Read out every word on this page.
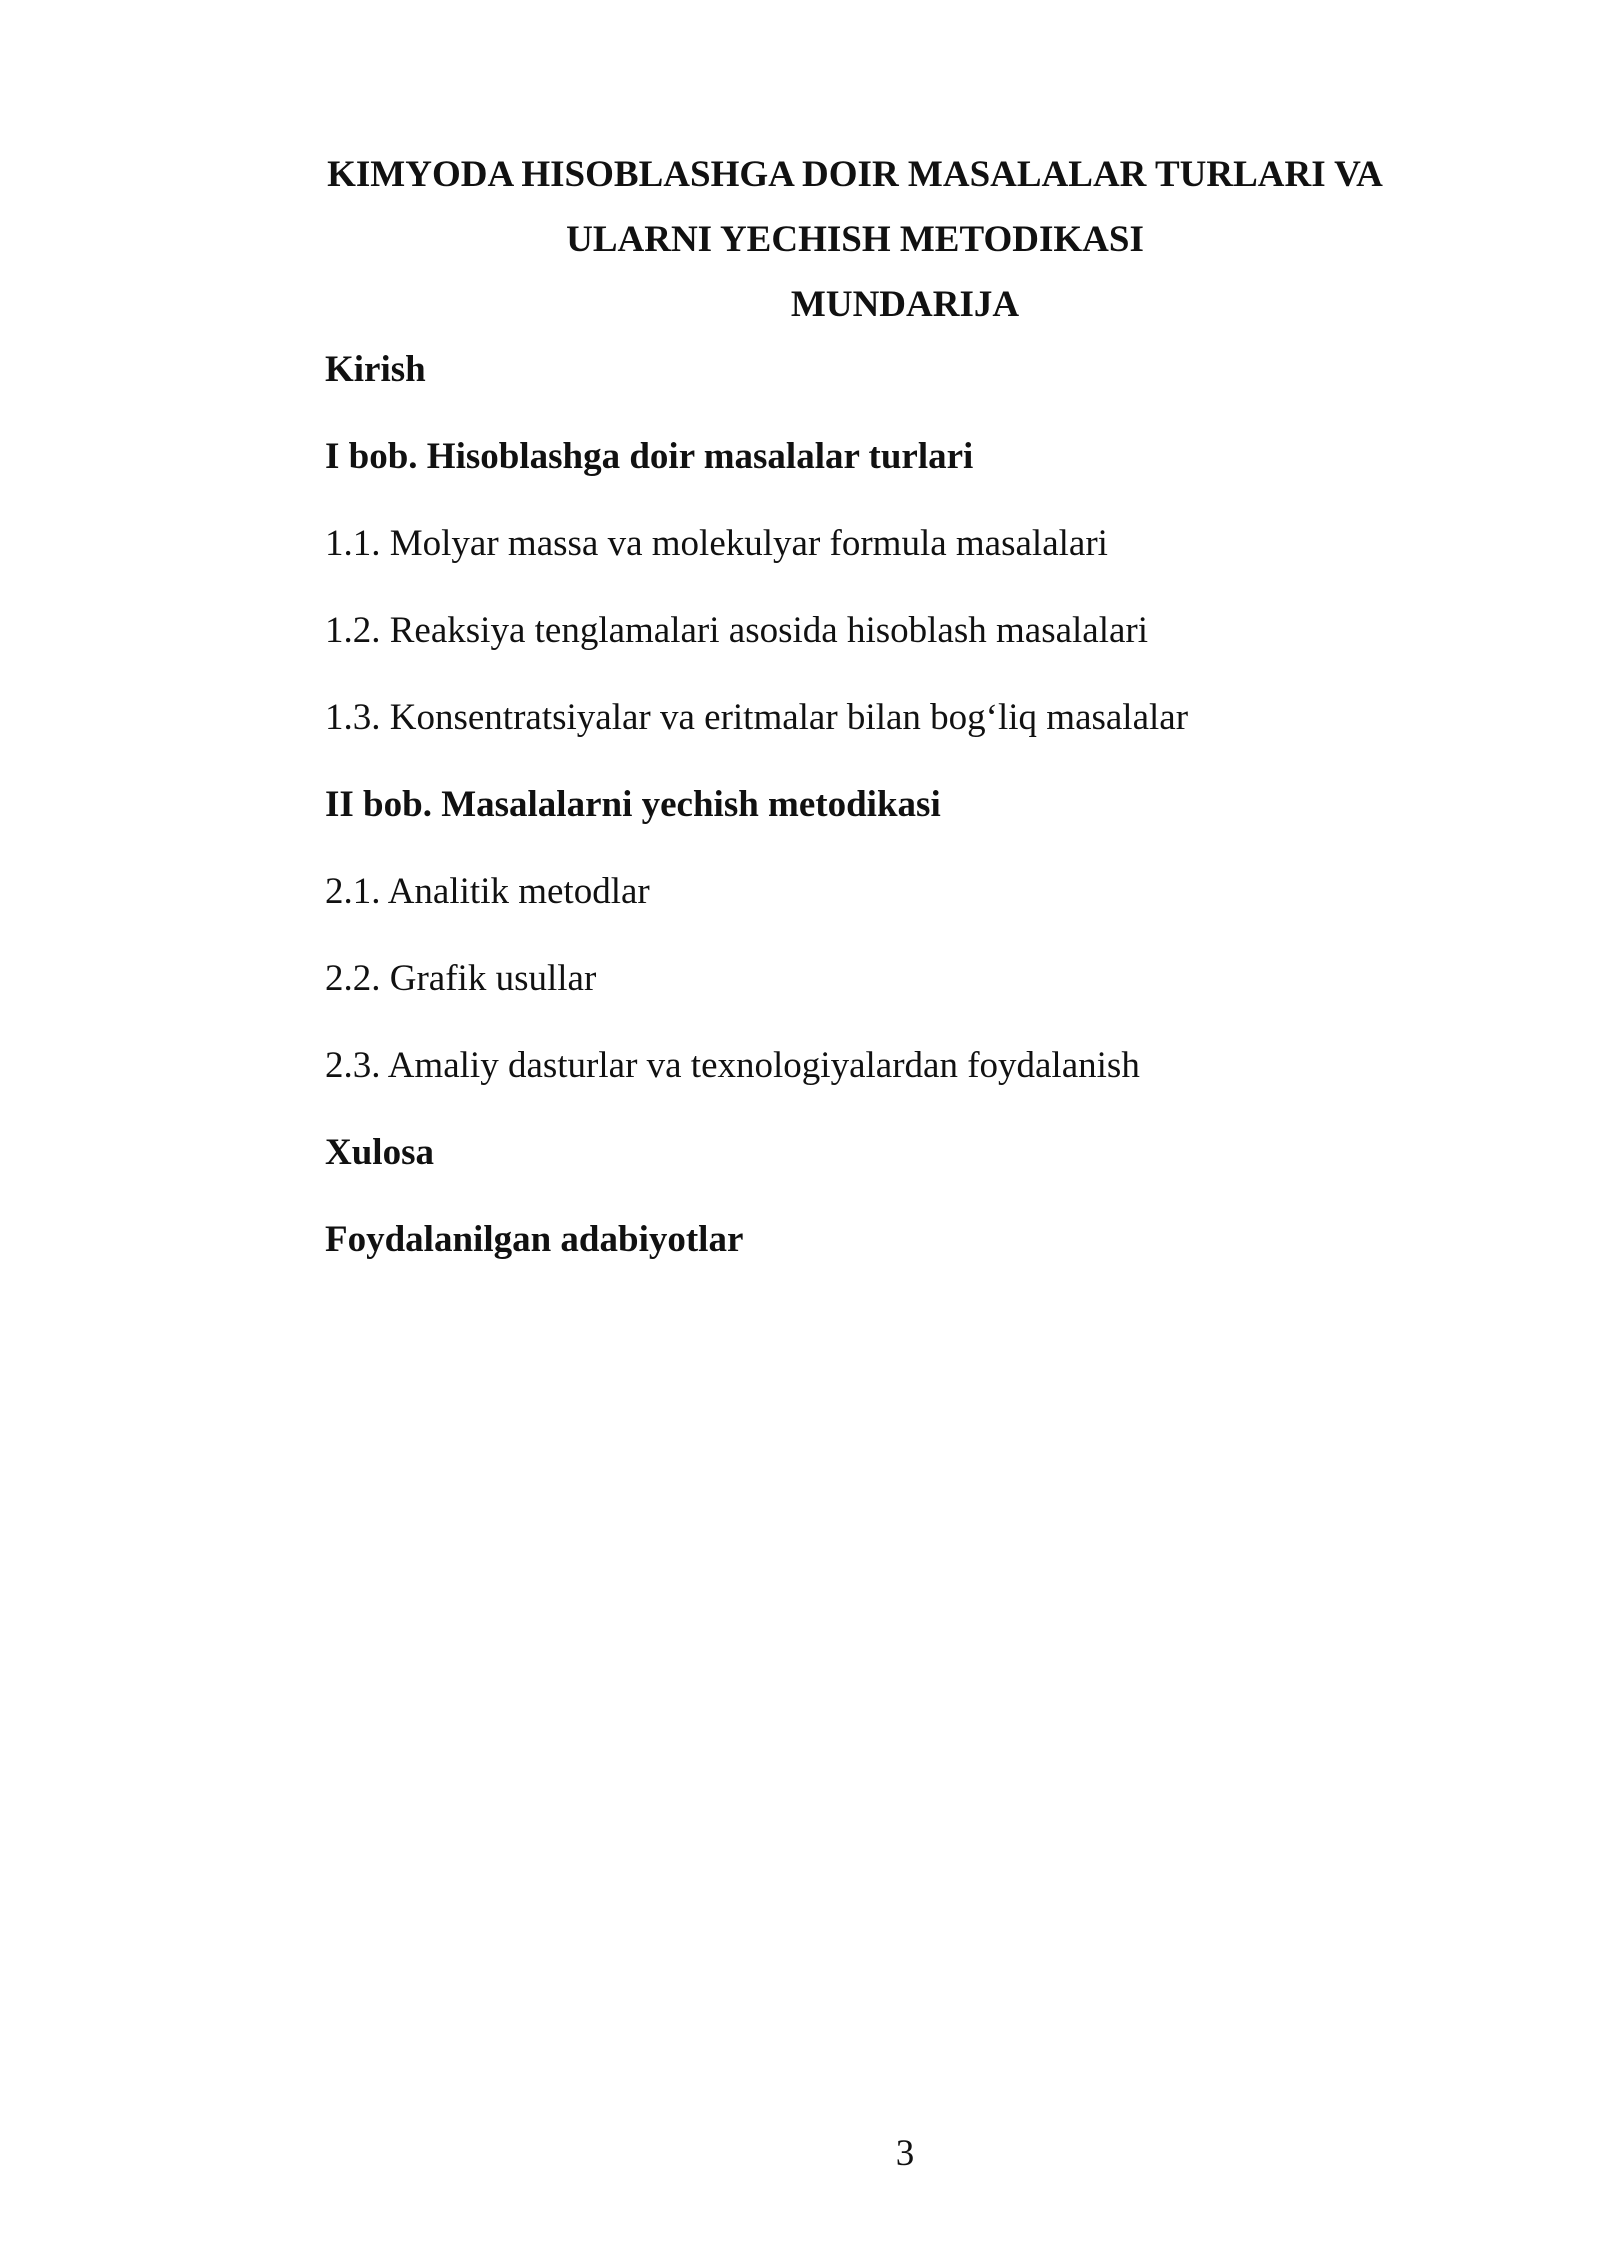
KIMYODA HISOBLASHGA DOIR MASALALAR TURLARI VA
ULARNI YECHISH METODIKASI
MUNDARIJA
Kirish
I bob. Hisoblashga doir masalalar turlari
1.1. Molyar massa va molekulyar formula masalalari
1.2. Reaksiya tenglamalari asosida hisoblash masalalari
1.3. Konsentratsiyalar va eritmalar bilan bog‘liq masalalar
II bob. Masalalarni yechish metodikasi
2.1. Analitik metodlar
2.2. Grafik usullar
2.3. Amaliy dasturlar va texnologiyalardan foydalanish
Xulosa
Foydalanilgan adabiyotlar
3
